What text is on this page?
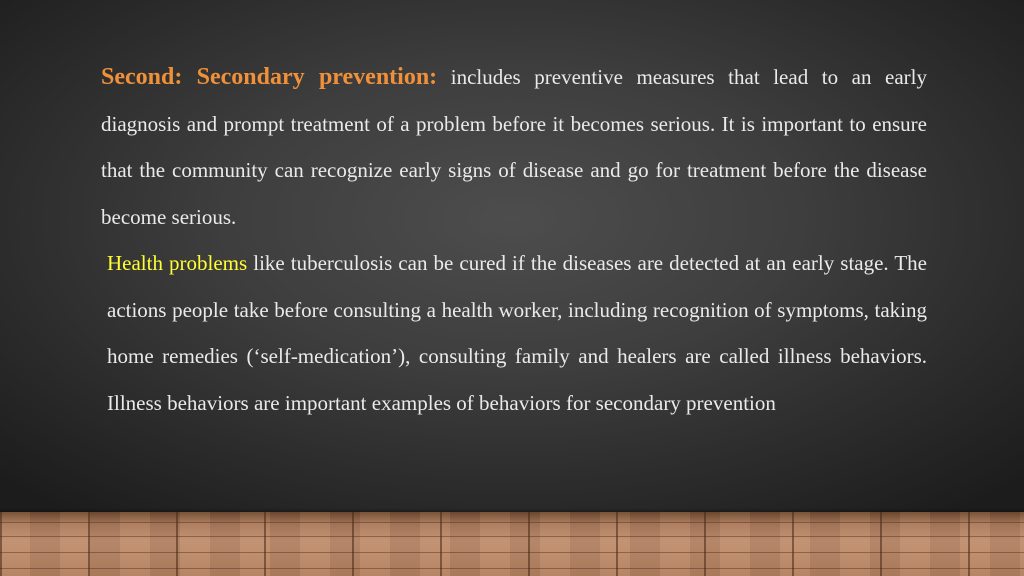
Second: Secondary prevention: includes preventive measures that lead to an early diagnosis and prompt treatment of a problem before it becomes serious. It is important to ensure that the community can recognize early signs of disease and go for treatment before the disease become serious.

Health problems like tuberculosis can be cured if the diseases are detected at an early stage. The actions people take before consulting a health worker, including recognition of symptoms, taking home remedies (‘self-medication’), consulting family and healers are called illness behaviors. Illness behaviors are important examples of behaviors for secondary prevention
